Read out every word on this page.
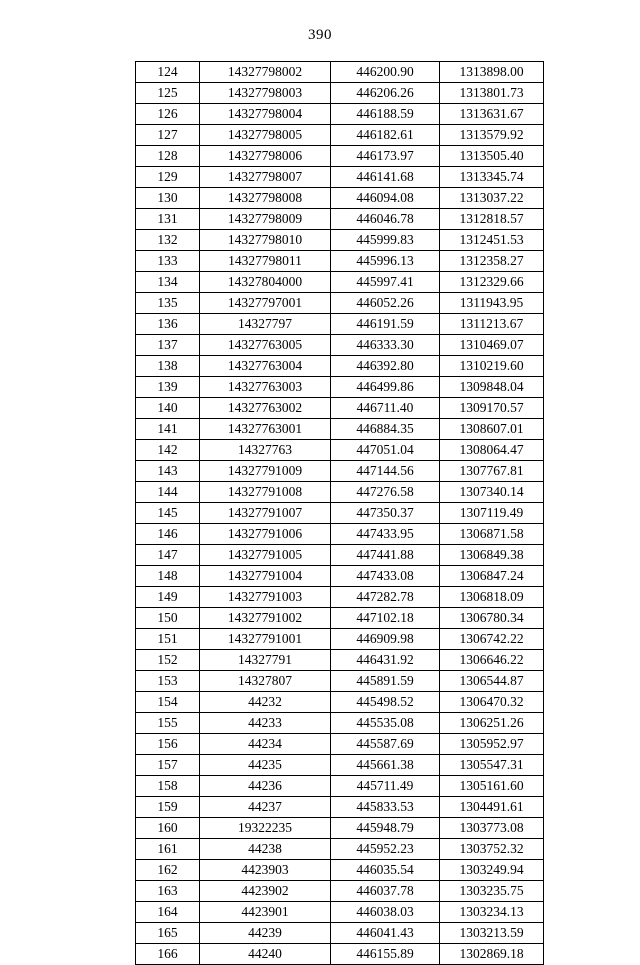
390
124	14327798002	446200.90	1313898.00
125	14327798003	446206.26	1313801.73
126	14327798004	446188.59	1313631.67
127	14327798005	446182.61	1313579.92
128	14327798006	446173.97	1313505.40
129	14327798007	446141.68	1313345.74
130	14327798008	446094.08	1313037.22
131	14327798009	446046.78	1312818.57
132	14327798010	445999.83	1312451.53
133	14327798011	445996.13	1312358.27
134	14327804000	445997.41	1312329.66
135	14327797001	446052.26	1311943.95
136	14327797	446191.59	1311213.67
137	14327763005	446333.30	1310469.07
138	14327763004	446392.80	1310219.60
139	14327763003	446499.86	1309848.04
140	14327763002	446711.40	1309170.57
141	14327763001	446884.35	1308607.01
142	14327763	447051.04	1308064.47
143	14327791009	447144.56	1307767.81
144	14327791008	447276.58	1307340.14
145	14327791007	447350.37	1307119.49
146	14327791006	447433.95	1306871.58
147	14327791005	447441.88	1306849.38
148	14327791004	447433.08	1306847.24
149	14327791003	447282.78	1306818.09
150	14327791002	447102.18	1306780.34
151	14327791001	446909.98	1306742.22
152	14327791	446431.92	1306646.22
153	14327807	445891.59	1306544.87
154	44232	445498.52	1306470.32
155	44233	445535.08	1306251.26
156	44234	445587.69	1305952.97
157	44235	445661.38	1305547.31
158	44236	445711.49	1305161.60
159	44237	445833.53	1304491.61
160	19322235	445948.79	1303773.08
161	44238	445952.23	1303752.32
162	4423903	446035.54	1303249.94
163	4423902	446037.78	1303235.75
164	4423901	446038.03	1303234.13
165	44239	446041.43	1303213.59
166	44240	446155.89	1302869.18
